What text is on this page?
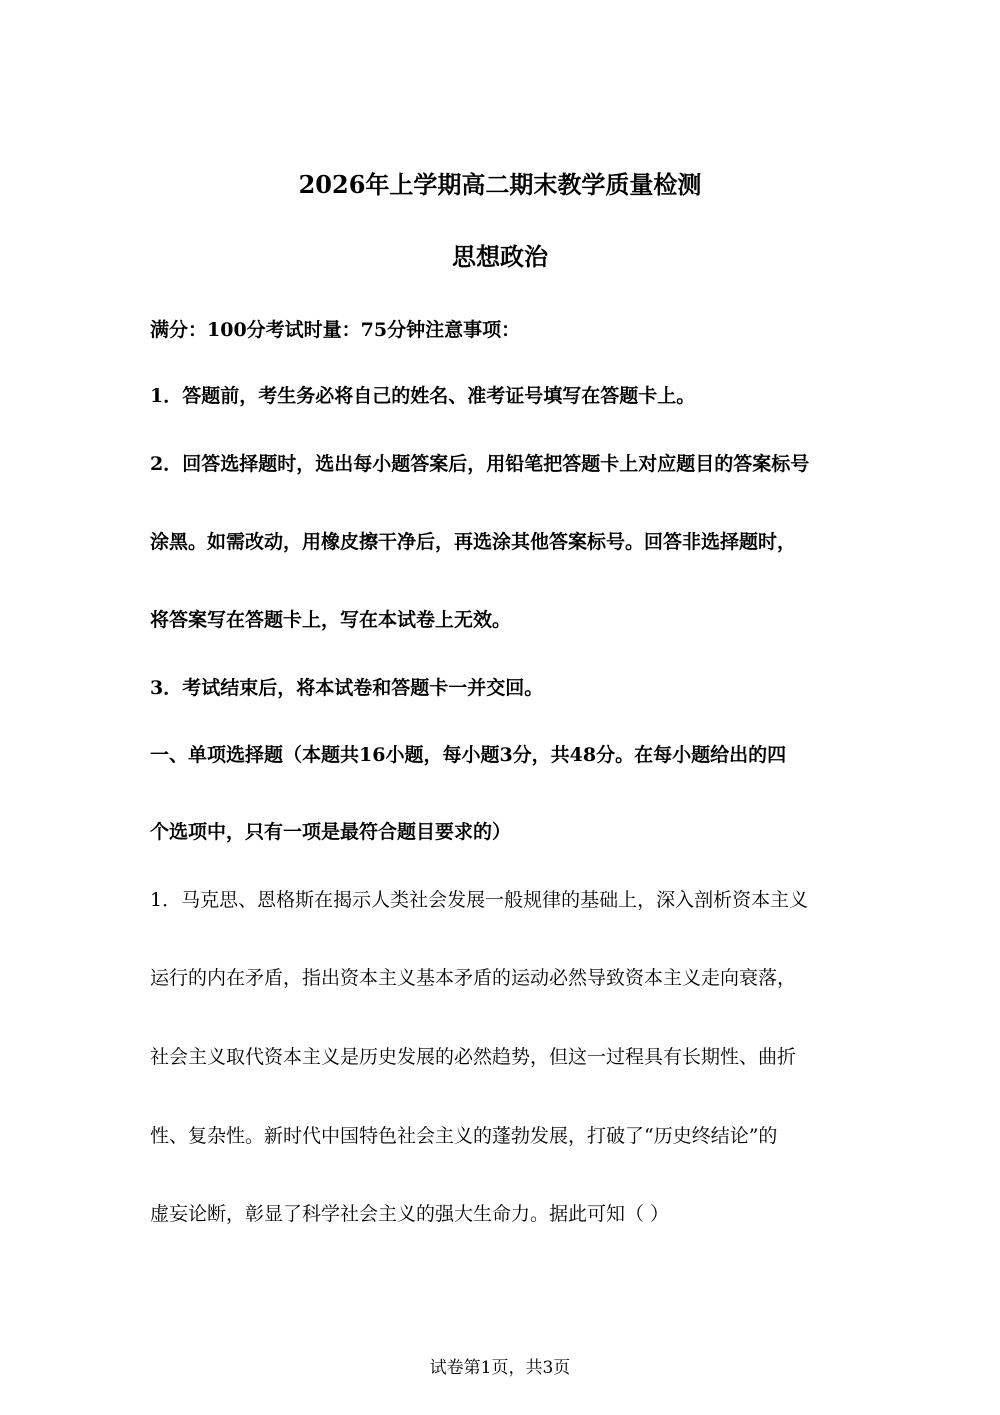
2026年上学期高二期末教学质量检测
思想政治
满分：100分考试时量：75分钟注意事项：
1．答题前，考生务必将自己的姓名、准考证号填写在答题卡上。
2．回答选择题时，选出每小题答案后，用铅笔把答题卡上对应题目的答案标号
涂黑。如需改动，用橡皮擦干净后，再选涂其他答案标号。回答非选择题时，
将答案写在答题卡上，写在本试卷上无效。
3．考试结束后，将本试卷和答题卡一并交回。
一、单项选择题（本题共16小题，每小题3分，共48分。在每小题给出的四
个选项中，只有一项是最符合题目要求的）
1．马克思、恩格斯在揭示人类社会发展一般规律的基础上，深入剖析资本主义
运行的内在矛盾，指出资本主义基本矛盾的运动必然导致资本主义走向衰落，
社会主义取代资本主义是历史发展的必然趋势，但这一过程具有长期性、曲折
性、复杂性。新时代中国特色社会主义的蓬勃发展，打破了“历史终结论”的
虚妄论断，彰显了科学社会主义的强大生命力。据此可知（ ）
试卷第1页，共3页
